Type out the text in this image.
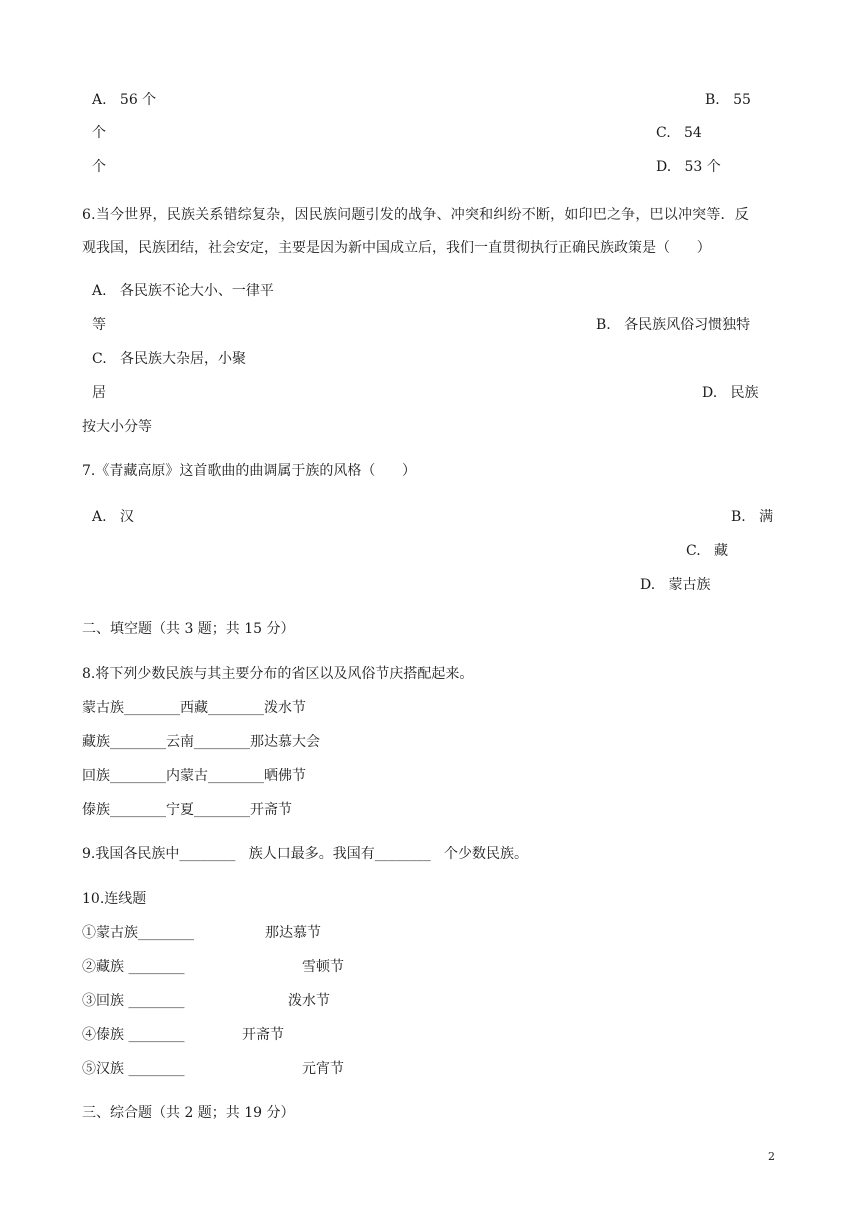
A.   56 个	B.   55
个	C.   54
个	D.   53 个
6.当今世界，民族关系错综复杂，因民族问题引发的战争、冲突和纠纷不断，如印巴之争，巴以冲突等．反
观我国，民族团结，社会安定，主要是因为新中国成立后，我们一直贯彻执行正确民族政策是（      ）
A.   各民族不论大小、一律平
等	B.   各民族风俗习惯独特
C.   各民族大杂居，小聚
居	D.   民族
按大小分等
7.《青藏高原》这首歌曲的曲调属于族的风格（      ）
A.   汉	B.   满
C.   藏
D.   蒙古族
二、填空题（共 3 题；共 15 分）
8.将下列少数民族与其主要分布的省区以及风俗节庆搭配起来。
蒙古族________西藏________泼水节
藏族________云南________那达慕大会
回族________内蒙古________晒佛节
傣族________宁夏________开斋节
9.我国各民族中________   族人口最多。我国有________   个少数民族。
10.连线题
①蒙古族________	那达慕节
②藏族 ________	雪顿节
③回族 ________	泼水节
④傣族 ________	开斋节
⑤汉族 ________	元宵节
三、综合题（共 2 题；共 19 分）
2
